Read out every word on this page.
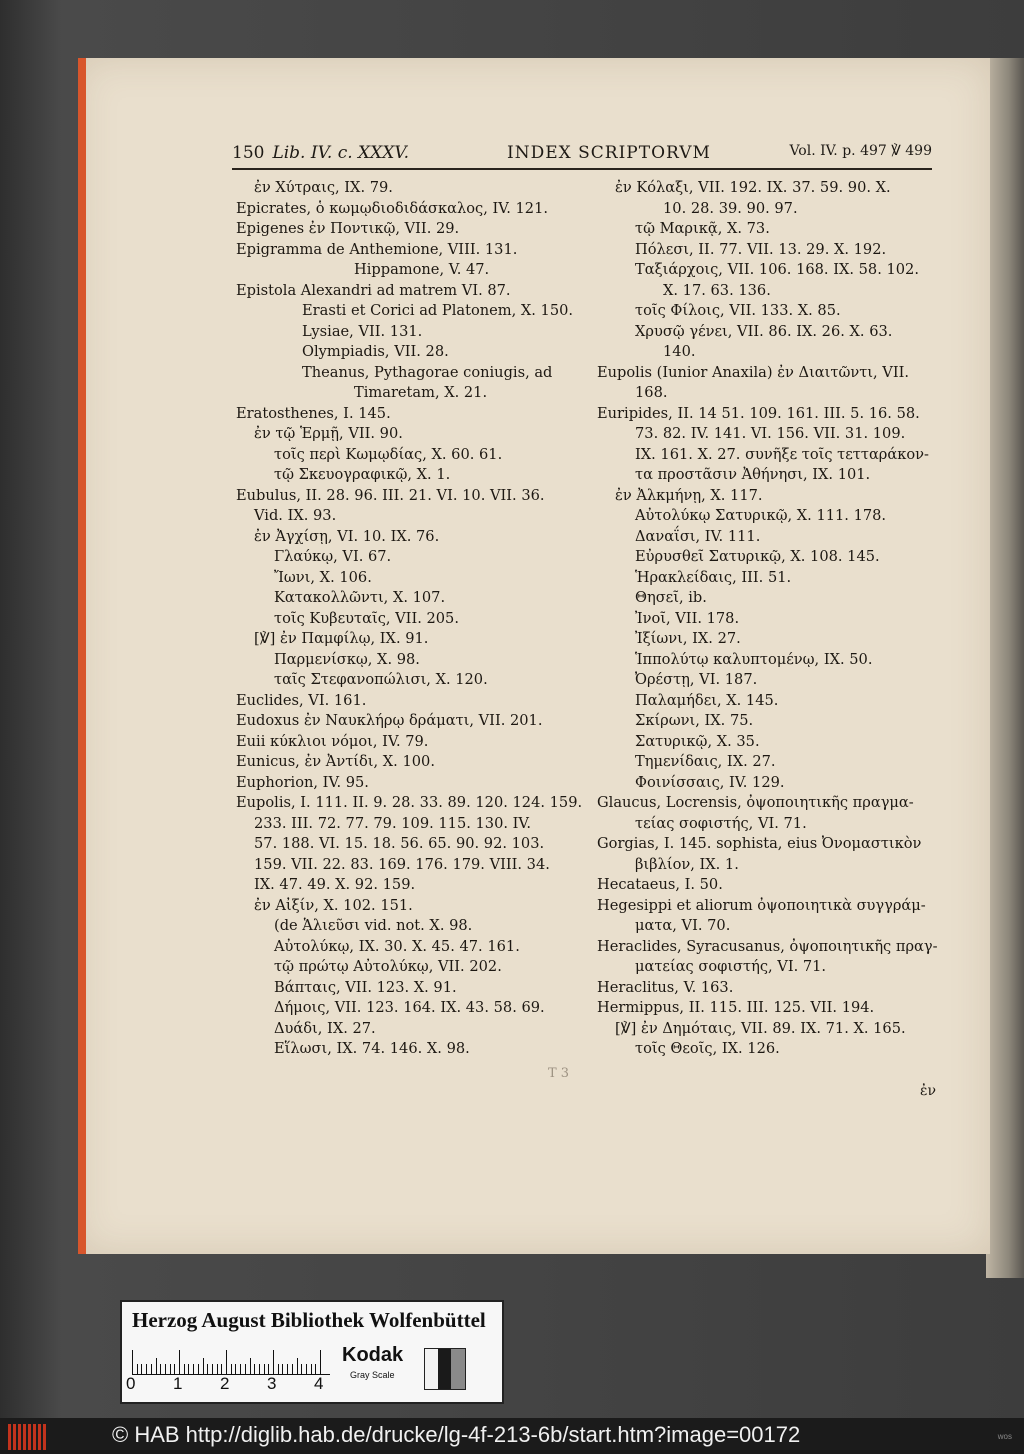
150 Lib. IV. c. XXXV.	INDEX SCRIPTORVM	Vol. IV. p. 497 ℣ 499
ἐν Χύτραις, IX. 79.
Epicrates, ὁ κωμῳδιοδιδάσκαλος, IV. 121.
Epigenes ἐν Ποντικῷ, VII. 29.
Epigramma de Anthemione, VIII. 131.
Hippamone, V. 47.
Epistola Alexandri ad matrem VI. 87.
Erasti et Corici ad Platonem, X. 150.
Lysiae, VII. 131.
Olympiadis, VII. 28.
Theanus, Pythagorae coniugis, ad
Timaretam, X. 21.
Eratosthenes, I. 145.
ἐν τῷ Ἑρμῇ, VII. 90.
τοῖς περὶ Κωμῳδίας, X. 60. 61.
τῷ Σκευογραφικῷ, X. 1.
Eubulus, II. 28. 96. III. 21. VI. 10. VII. 36.
Vid. IX. 93.
ἐν Ἀγχίσῃ, VI. 10. IX. 76.
Γλαύκῳ, VI. 67.
Ἴωνι, X. 106.
Κατακολλῶντι, X. 107.
τοῖς Κυβευταῖς, VII. 205.
[℣] ἐν Παμφίλῳ, IX. 91.
Παρμενίσκῳ, X. 98.
ταῖς Στεφανοπώλισι, X. 120.
Euclides, VI. 161.
Eudoxus ἐν Ναυκλήρῳ δράματι, VII. 201.
Euii κύκλιοι νόμοι, IV. 79.
Eunicus, ἐν Ἀντίδι, X. 100.
Euphorion, IV. 95.
Eupolis, I. 111. II. 9. 28. 33. 89. 120. 124. 159.
233. III. 72. 77. 79. 109. 115. 130. IV.
57. 188. VI. 15. 18. 56. 65. 90. 92. 103.
159. VII. 22. 83. 169. 176. 179. VIII. 34.
IX. 47. 49. X. 92. 159.
ἐν Αἰξίν, X. 102. 151.
(de Ἁλιεῦσι vid. not. X. 98.
Αὐτολύκῳ, IX. 30. X. 45. 47. 161.
τῷ πρώτῳ Αὐτολύκῳ, VII. 202.
Βάπταις, VII. 123. X. 91.
Δήμοις, VII. 123. 164. IX. 43. 58. 69.
Δυάδι, IX. 27.
Εἵλωσι, IX. 74. 146. X. 98.
ἐν Κόλαξι, VII. 192. IX. 37. 59. 90. X.
10. 28. 39. 90. 97.
τῷ Μαρικᾷ, X. 73.
Πόλεσι, II. 77. VII. 13. 29. X. 192.
Ταξιάρχοις, VII. 106. 168. IX. 58. 102.
X. 17. 63. 136.
τοῖς Φίλοις, VII. 133. X. 85.
Χρυσῷ γένει, VII. 86. IX. 26. X. 63.
140.
Eupolis (Iunior Anaxila) ἐν Διαιτῶντι, VII.
168.
Euripides, II. 14 51. 109. 161. III. 5. 16. 58.
73. 82. IV. 141. VI. 156. VII. 31. 109.
IX. 161. X. 27. συνῆξε τοῖς τετταράκον-
τα προστᾶσιν Ἀθήνησι, IX. 101.
ἐν Ἀλκμήνῃ, X. 117.
Αὐτολύκῳ Σατυρικῷ, X. 111. 178.
Δαναΐσι, IV. 111.
Εὐρυσθεῖ Σατυρικῷ, X. 108. 145.
Ἡρακλείδαις, III. 51.
Θησεῖ, ib.
Ἰνοῖ, VII. 178.
Ἰξίωνι, IX. 27.
Ἱππολύτῳ καλυπτομένῳ, IX. 50.
Ὀρέστῃ, VI. 187.
Παλαμήδει, X. 145.
Σκίρωνι, IX. 75.
Σατυρικῷ, X. 35.
Τημενίδαις, IX. 27.
Φοινίσσαις, IV. 129.
Glaucus, Locrensis, ὀψοποιητικῆς πραγμα-
τείας σοφιστής, VI. 71.
Gorgias, I. 145. sophista, eius Ὀνομαστικὸν
βιβλίον, IX. 1.
Hecataeus, I. 50.
Hegesippi et aliorum ὀψοποιητικὰ συγγράμ-
ματα, VI. 70.
Heraclides, Syracusanus, ὀψοποιητικῆς πραγ-
ματείας σοφιστής, VI. 71.
Heraclitus, V. 163.
Hermippus, II. 115. III. 125. VII. 194.
[℣] ἐν Δημόταις, VII. 89. IX. 71. X. 165.
τοῖς Θεοῖς, IX. 126.
T 3
ἐν
Herzog August Bibliothek Wolfenbüttel
0 1 2 3 4
Kodak
Gray Scale
© HAB http://diglib.hab.de/drucke/lg-4f-213-6b/start.htm?image=00172	wos
